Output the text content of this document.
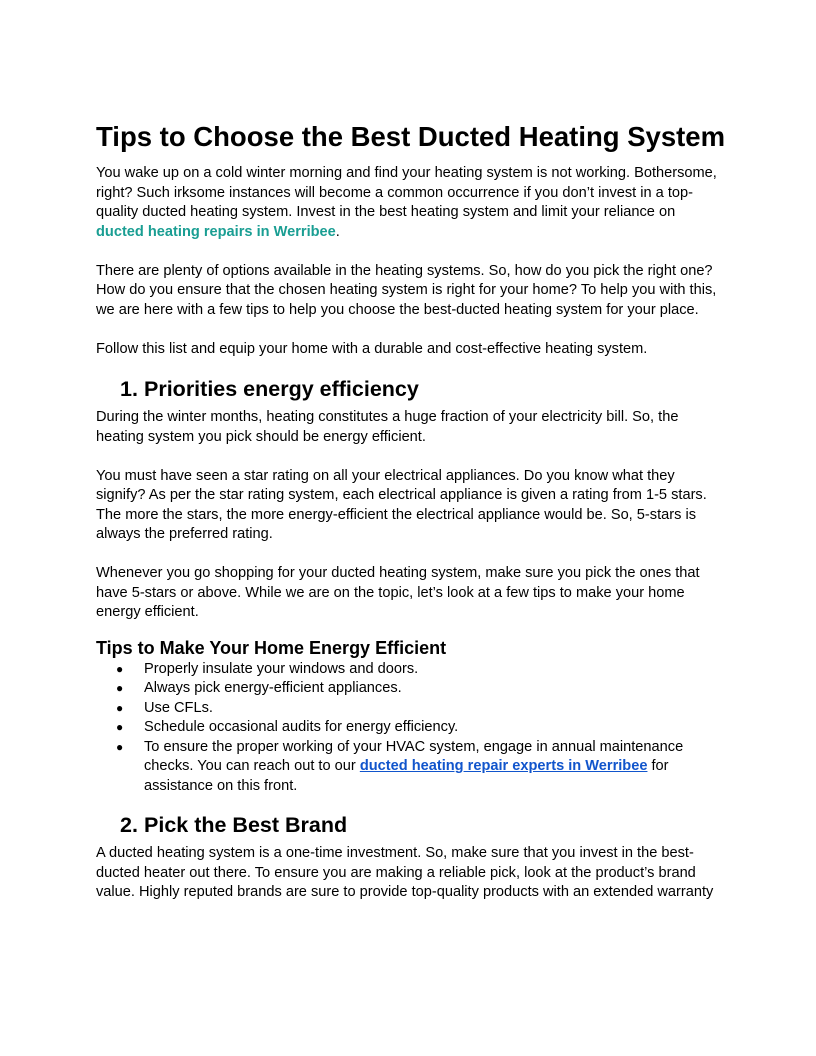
Tips to Choose the Best Ducted Heating System

You wake up on a cold winter morning and find your heating system is not working. Bothersome, right? Such irksome instances will become a common occurrence if you don’t invest in a top-quality ducted heating system. Invest in the best heating system and limit your reliance on ducted heating repairs in Werribee.

There are plenty of options available in the heating systems. So, how do you pick the right one? How do you ensure that the chosen heating system is right for your home? To help you with this, we are here with a few tips to help you choose the best-ducted heating system for your place.

Follow this list and equip your home with a durable and cost-effective heating system.

1. Priorities energy efficiency

During the winter months, heating constitutes a huge fraction of your electricity bill. So, the heating system you pick should be energy efficient.

You must have seen a star rating on all your electrical appliances. Do you know what they signify? As per the star rating system, each electrical appliance is given a rating from 1-5 stars. The more the stars, the more energy-efficient the electrical appliance would be. So, 5-stars is always the preferred rating.

Whenever you go shopping for your ducted heating system, make sure you pick the ones that have 5-stars or above. While we are on the topic, let’s look at a few tips to make your home energy efficient.

Tips to Make Your Home Energy Efficient
● Properly insulate your windows and doors.
● Always pick energy-efficient appliances.
● Use CFLs.
● Schedule occasional audits for energy efficiency.
● To ensure the proper working of your HVAC system, engage in annual maintenance checks. You can reach out to our ducted heating repair experts in Werribee for assistance on this front.
2. Pick the Best Brand

A ducted heating system is a one-time investment. So, make sure that you invest in the best-ducted heater out there. To ensure you are making a reliable pick, look at the product’s brand value. Highly reputed brands are sure to provide top-quality products with an extended warranty
